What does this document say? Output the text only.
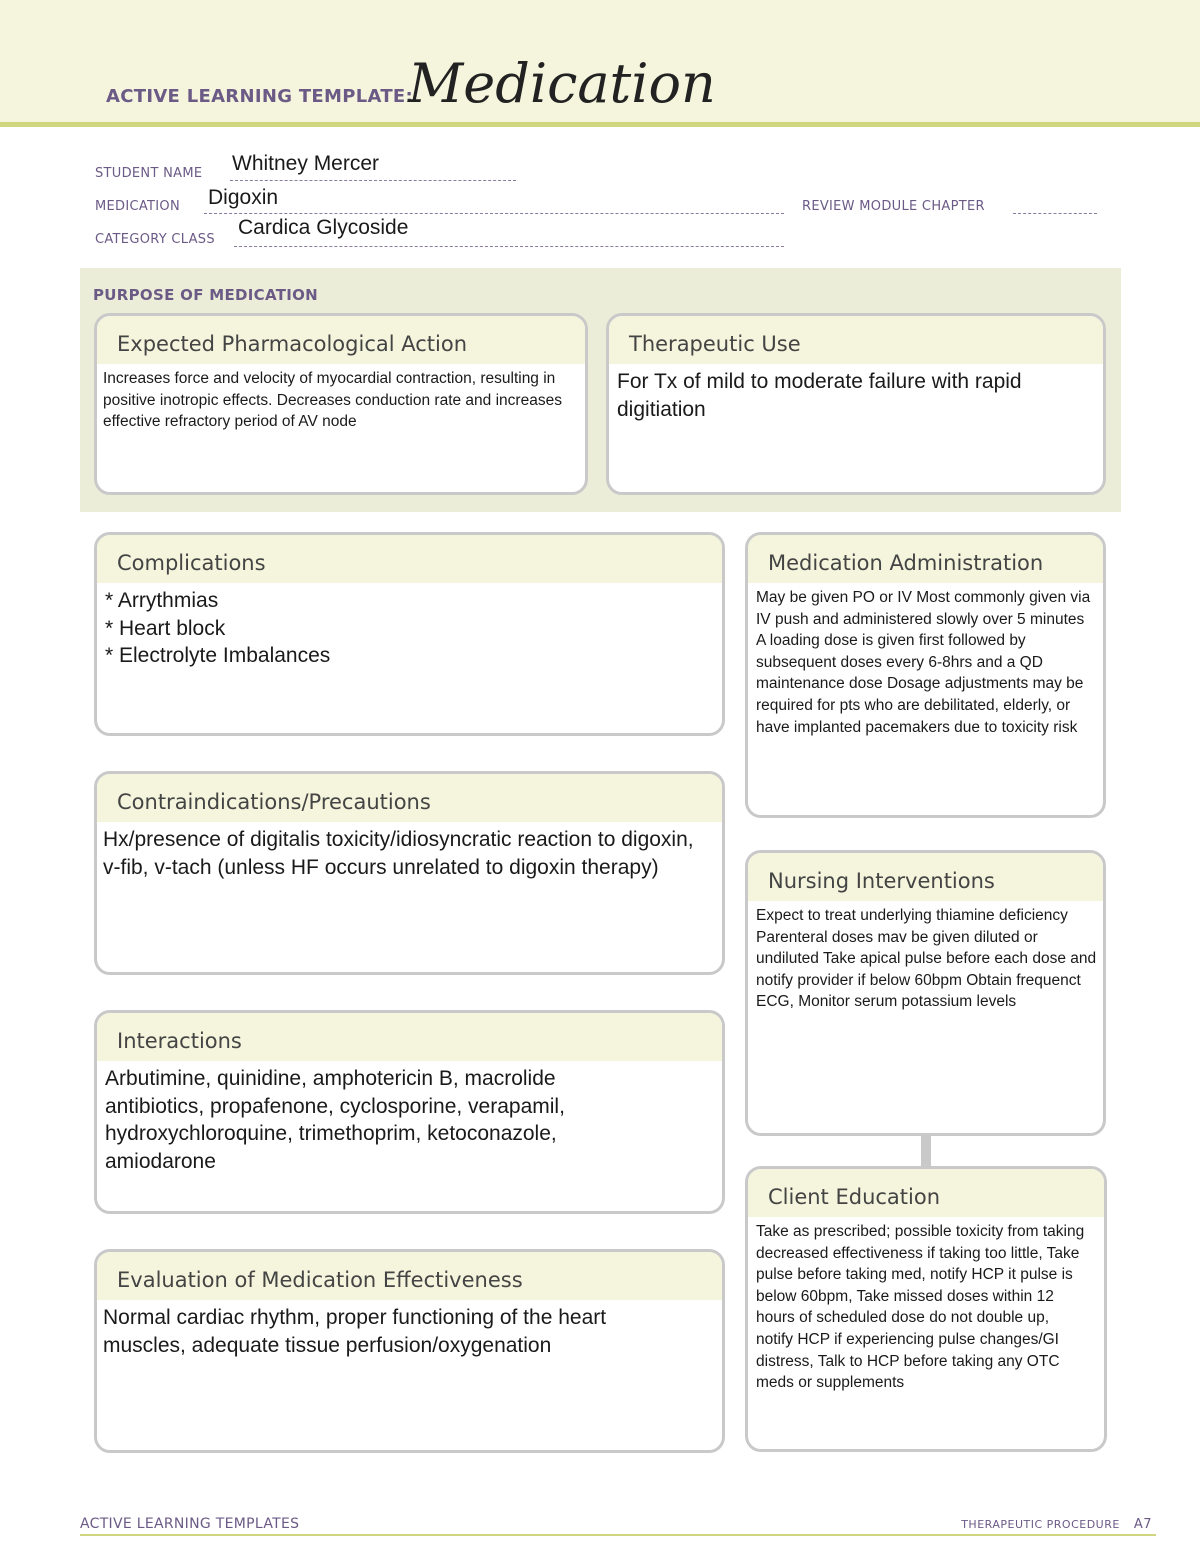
ACTIVE LEARNING TEMPLATE:
Medication
STUDENT NAME Whitney Mercer
MEDICATION Digoxin	REVIEW MODULE CHAPTER
CATEGORY CLASS
Cardica Glycoside
PURPOSE OF MEDICATION
Expected Pharmacological Action
Increases force and velocity of myocardial contraction, resulting in positive inotropic effects. Decreases conduction rate and increases effective refractory period of AV node
Therapeutic Use
For Tx of mild to moderate failure with rapid digitiation
Complications
* Arrythmias
* Heart block
* Electrolyte Imbalances
Medication Administration
May be given PO or IV Most commonly given via IV push and administered slowly over 5 minutes A loading dose is given first followed by subsequent doses every 6-8hrs and a QD maintenance dose Dosage adjustments may be required for pts who are debilitated, elderly, or have implanted pacemakers due to toxicity risk
Contraindications/Precautions
Hx/presence of digitalis toxicity/idiosyncratic reaction to digoxin, v-fib, v-tach (unless HF occurs unrelated to digoxin therapy)
Nursing Interventions
Expect to treat underlying thiamine deficiency Parenteral doses mav be given diluted or undiluted Take apical pulse before each dose and notify provider if below 60bpm Obtain frequenct ECG, Monitor serum potassium levels
Interactions
Arbutimine, quinidine, amphotericin B, macrolide antibiotics, propafenone, cyclosporine, verapamil, hydroxychloroquine, trimethoprim, ketoconazole, amiodarone
Client Education
Take as prescribed; possible toxicity from taking decreased effectiveness if taking too little, Take pulse before taking med, notify HCP it pulse is below 60bpm, Take missed doses within 12 hours of scheduled dose do not double up, notify HCP if experiencing pulse changes/GI distress, Talk to HCP before taking any OTC meds or supplements
Evaluation of Medication Effectiveness
Normal cardiac rhythm, proper functioning of the heart muscles, adequate tissue perfusion/oxygenation
ACTIVE LEARNING TEMPLATES	THERAPEUTIC PROCEDURE A7
